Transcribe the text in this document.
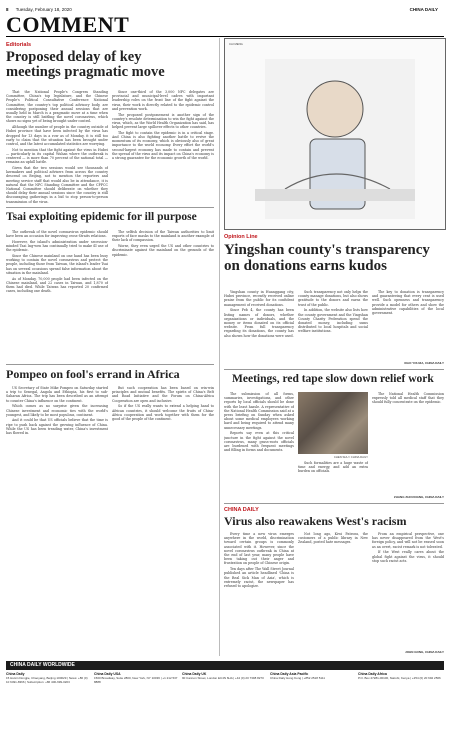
8 Tuesday, February 18, 2020	CHINA DAILY
COMMENT
Editorials
Proposed delay of key meetings pragmatic move

That the National People's Congress Standing Committee, China's top legislature, and the Chinese People's Political Consultative Conference National Committee, the country's top political advisory body, are considering postponing their annual sessions that are usually held in March is a pragmatic move at a time when the country is still battling the novel coronavirus, which shows no signs yet of being brought under control.

Although the number of people in the country outside of Hubei province that have been infected by the virus has dropped for 13 days in a row as of Monday, it is still too early to claim that the situation has been brought under control, and the latest accumulated statistics are worrying.

Not to mention that the fight against the virus in Hubei — particularly in its capital Wuhan where the outbreak is centered — is more than 70 percent of the national total — remains an uphill battle.

Given that the two sessions would see thousands of lawmakers and political advisers from across the country descend on Beijing, not to mention the reporters and meeting service staff that would also be in attendance, it is natural that the NPC Standing Committee and the CPPCC National Committee should deliberate on whether they should delay their annual sessions since the country is still discouraging gatherings in a bid to stop person-to-person transmission of the virus.

Since one-third of the 3,000 NPC delegates are provincial and municipal-level cadres with important leadership roles on the front line of the fight against the virus, their work is directly related to the epidemic control and prevention work.

The proposed postponement is another sign of the country's resolute determination to win the fight against the virus, which, as the World Health Organization has said, has helped prevent large spillover effects to other countries.

The fight to contain the epidemic is in a critical stage. And China is also fighting another battle to revive the momentum of its economy, which is obviously also of great importance to the world economy. Every effort the world's second-largest economy has made to contain and prevent the spread of the virus and its impact on China's economy is a strong guarantee for the economic growth of the world.

Tsai exploiting epidemic for ill purpose

The outbreak of the novel coronavirus epidemic should have been an occasion for improving cross-Straits relations.

However, the island's administration under secession-minded Tsai Ing-wen has continually tried to make ill use of the epidemic.

Since the Chinese mainland on one hand has been busy working to contain the novel coronavirus and protect the people, including those from Taiwan, the island's leader Tsai has on several occasions spread false information about the situation in the mainland.

As of Monday, 70,000 people had been infected on the Chinese mainland, and 22 cases in Taiwan, and 1,870 of them had died. While Taiwan has reported 20 confirmed cases, including one death.

The selfish decision of the Taiwan authorities to limit exports of face masks to the mainland is another example of their lack of compassion.

Worse, they even urged the US and other countries to discriminate against the mainland on the grounds of the epidemic.

Pompeo on fool's errand in Africa

US Secretary of State Mike Pompeo on Saturday started a trip to Senegal, Angola and Ethiopia, his first to sub-Saharan Africa. The trip has been described as an attempt to counter China's influence on the continent.

Which comes as no surprise given the increasing Chinese investment and economic ties with the world's youngest, and likely to be most populous, continent.

And it could be that US officials believe that the time is ripe to push back against the growing influence of China. While the US has been treading water, China's investment has flowed in.

But such cooperation has been based on win-win principles and mutual benefits. The spirits of China's Belt and Road Initiative and the Forum on China-Africa Cooperation are open and inclusive.

So if the US really wants to extend a helping hand to African countries, it should welcome the fruits of China-Africa cooperation and work together with them for the good of the people of the continent.

CAI MENG
Opinion Line
Yingshan county's transparency on donations earns kudos

Yingshan county in Huanggang city, Hubei province, recently received online praise from the public for its confident management of received donations.

Since Feb 4, the county has been listing names of donors, whether organizations or individuals, and the money or items donated on its official website. From full transparency regarding its donations, the county has also shown how the donations were used.

Such transparency not only helps the county manage donations, but also shows gratitude to the donors and earns the trust of the public.

In addition, the website also lists how the county government and the Yingshan County Charity Federation spend the donated money, including sums distributed to local hospitals and social welfare institutions.

The key to donation is transparency and guaranteeing that every cent is used well. Such openness and transparency provide a model for others and show the administrative capabilities of the local government.

XIAO YOUJIA, CHINA DAILY
Meetings, red tape slow down relief work

The submission of all forms, summaries, investigations, and other reports by local officials should be done with the least hassle. A representative of the National Health Commission said at a press briefing on Sunday when asked about some medical employees working hard and being required to attend many unnecessary meetings.

Reports say even at this critical juncture in the fight against the novel coronavirus, many grass-roots officials are burdened with frequent meetings and filling in forms and documents.

CHEN SHU / CHINA DAILY

Such formalities are a huge waste of time and energy, and add an extra burden on officials.

The National Health Commission expressly told all medical staff that they should fully concentrate on the epidemic.

ZHANG ZHOUXIANG, CHINA DAILY
CHINA DAILY
Virus also reawakens West's racism

Every time a new virus emerges anywhere in the world, discrimination toward certain groups is commonly associated with it. However, since the novel coronavirus outbreak in China at the end of last year, many people have been taking out their anger and frustration on people of Chinese origin.

Ten days after The Wall Street Journal published an article headlined 'China is the Real Sick Man of Asia', which is extremely racist, the newspaper has refused to apologize.

Not long ago, Kiwi Patrons, the customers of a public library in New Zealand, posted hate messages.

From an empirical perspective, one has never disappeared from the West's foreign policy, and will not be erased soon as an overt, racist remark is not tolerated.

If the West really cares about the global fight against the virus, it should stop such racist acts.

JOHN GONG, CHINA DAILY
CHINA DAILY WORLDWIDE
China Daily
15 Huixin Dongjie, Chaoyang, Beijing 100029 | News: +86 (0) 10 6491-8366 | Subscription: +86 400-699-0203
China Daily USA
1500 Broadway, Suite 2800, New York, NY 10036 | +1 212 537 8888
China Daily UK
90 Cannon Street, London EC4N 6HA | +44 (0) 20 7398 8270
China Daily Asia Pacific
China Daily Hong Kong | +852 2518 5111
China Daily Africa
P.O. Box 27281-00100, Nairobi, Kenya | +254 (0) 20 692 2566
